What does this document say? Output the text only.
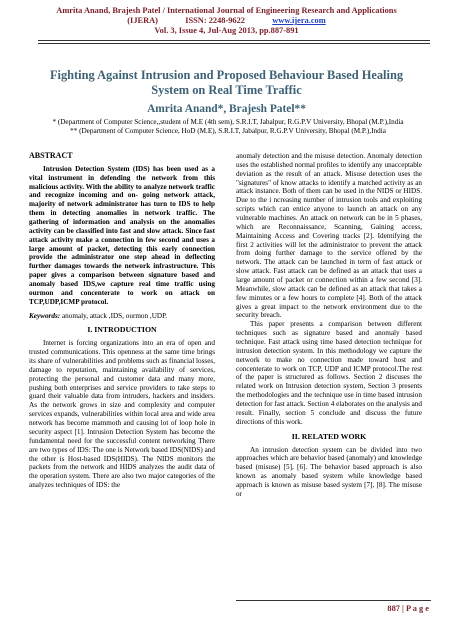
Amrita Anand, Brajesh Patel / International Journal of Engineering Research and Applications
(IJERA)	ISSN: 2248-9622	www.ijera.com
Vol. 3, Issue 4, Jul-Aug 2013, pp.887-891
Fighting Against Intrusion and Proposed Behaviour Based Healing System on Real Time Traffic
Amrita Anand*, Brajesh Patel**
* (Department of Computer Science,,student of M.E (4th sem), S.R.I.T, Jabalpur, R.G.P.V University, Bhopal (M.P.),India
** (Department of Computer Science, HoD (M.E), S.R.I.T, Jabalpur, R.G.P.V University, Bhopal (M.P.),India
ABSTRACT

Intrusion Detection System (IDS) has been used as a vital instrument in defending the network from this malicious activity. With the ability to analyze network traffic and recognize incoming and on- going network attack, majority of network administrator has turn to IDS to help them in detecting anomalies in network traffic. The gathering of information and analysis on the anomalies activity can be classified into fast and slow attack. Since fast attack activity make a connection in few second and uses a large amount of packet, detecting this early connection provide the administrator one step ahead in deflecting further damages towards the network infrastructure. This paper gives a comparison between signature based and anomaly based IDS,we capture real time traffic using ourmon and concenterate to work on attack on TCP,UDP,ICMP protocol.

Keywords: anomaly, attack ,IDS, ourmon ,UDP.
I. INTRODUCTION

Internet is forcing organizations into an era of open and trusted communications. This openness at the same time brings its share of vulnerabilities and problems such as financial losses, damage to reputation, maintaining availability of services, protecting the personal and customer data and many more, pushing both enterprises and service providers to take steps to guard their valuable data from intruders, hackers and insiders. As the network grows in size and complexity and computer services expands, vulnerabilities within local area and wide area network has become mammoth and causing lot of loop hole in security aspect [1]. Intrusion Detection System has become the fundamental need for the successful content networking There are two types of IDS: The one is Network based IDS(NIDS) and the other is Host-based IDS(HIDS). The NIDS monitors the packets from the network and HIDS analyzes the audit data of the operation system. There are also two major categories of the analyzes techniques of IDS: the

anomaly detection and the misuse detection. Anomaly detection uses the established normal profiles to identify any unacceptable deviation as the result of an attack. Misuse detection uses the "signatures" of know attacks to identify a matched activity as an attack instance. Both of them can be used in the NIDS or HIDS. Due to the i ncreasing number of intrusion tools and exploiting scripts which can entice anyone to launch an attack on any vulnerable machines. An attack on network can be in 5 phases, which are Reconnaissance, Scanning, Gaining access, Maintaining Access and Covering tracks [2]. Identifying the first 2 activities will let the administrator to prevent the attack from doing further damage to the service offered by the network. The attack can be launched in term of fast attack or slow attack. Fast attack can be defined as an attack that uses a large amount of packet or connection within a few second [3]. Meanwhile, slow attack can be defined as an attack that takes a few minutes or a few hours to complete [4]. Both of the attack gives a great impact to the network environment due to the security breach.

This paper presents a comparison between different techniques such as signature based and anomaly based technique. Fast attack using time based detection technique for intrusion detection system. In this methodology we capture the network to make no connection made toward host and concenterate to work on TCP, UDP and ICMP protocol.The rest of the paper is structured as follows. Section 2 discuses the related work on Intrusion detection system, Section 3 presents the methodologies and the technique use in time based intrusion detection for fast attack. Section 4 elaborates on the analysis and result. Finally, section 5 conclude and discuss the future directions of this work.

II. RELATED WORK

An intrusion detection system can be divided into two approaches which are behavior based (anomaly) and knowledge based (misuse) [5], [6]. The behavior based approach is also known as anomaly based system while knowledge based approach is known as misuse based system [7], [8]. The misuse or

887 | P a g e
